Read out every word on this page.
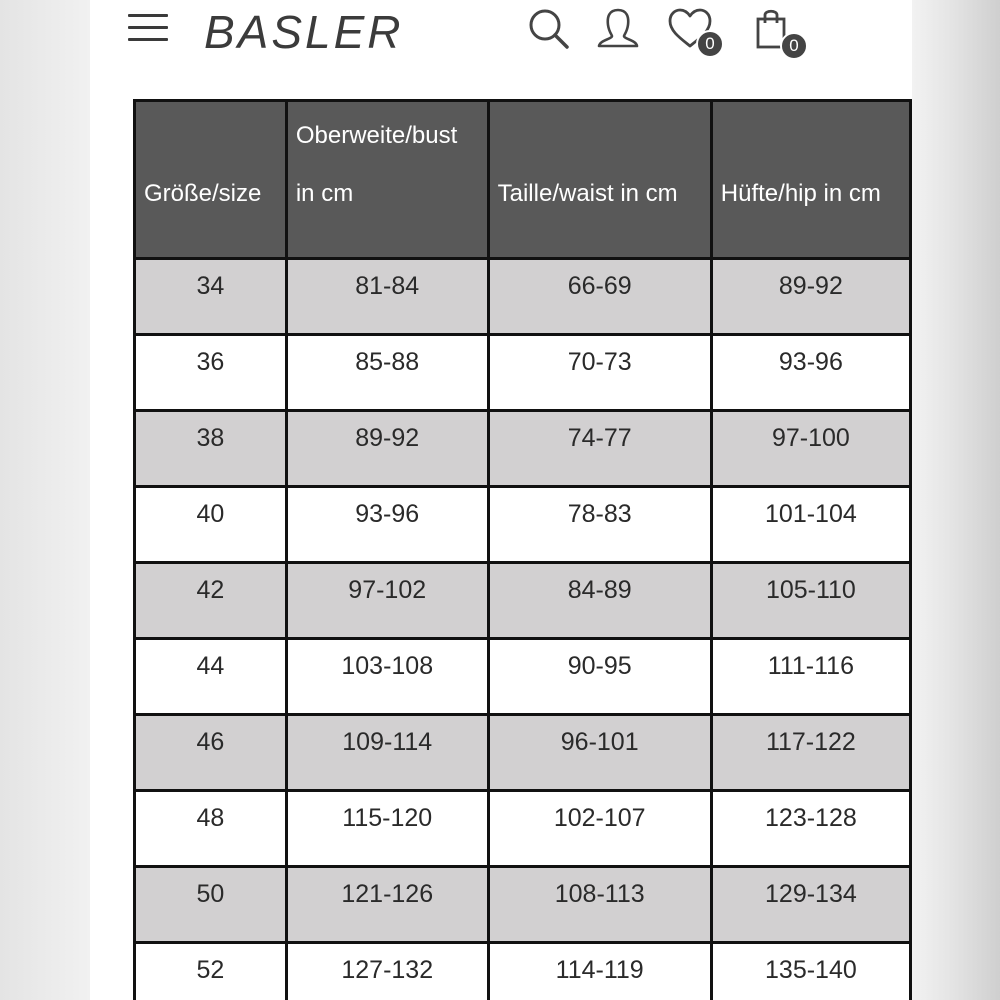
BASLER	0	0
Größe/size	Oberweite/bust in cm	Taille/waist in cm	Hüfte/hip in cm
34	81-84	66-69	89-92
36	85-88	70-73	93-96
38	89-92	74-77	97-100
40	93-96	78-83	101-104
42	97-102	84-89	105-110
44	103-108	90-95	111-116
46	109-114	96-101	117-122
48	115-120	102-107	123-128
50	121-126	108-113	129-134
52	127-132	114-119	135-140
